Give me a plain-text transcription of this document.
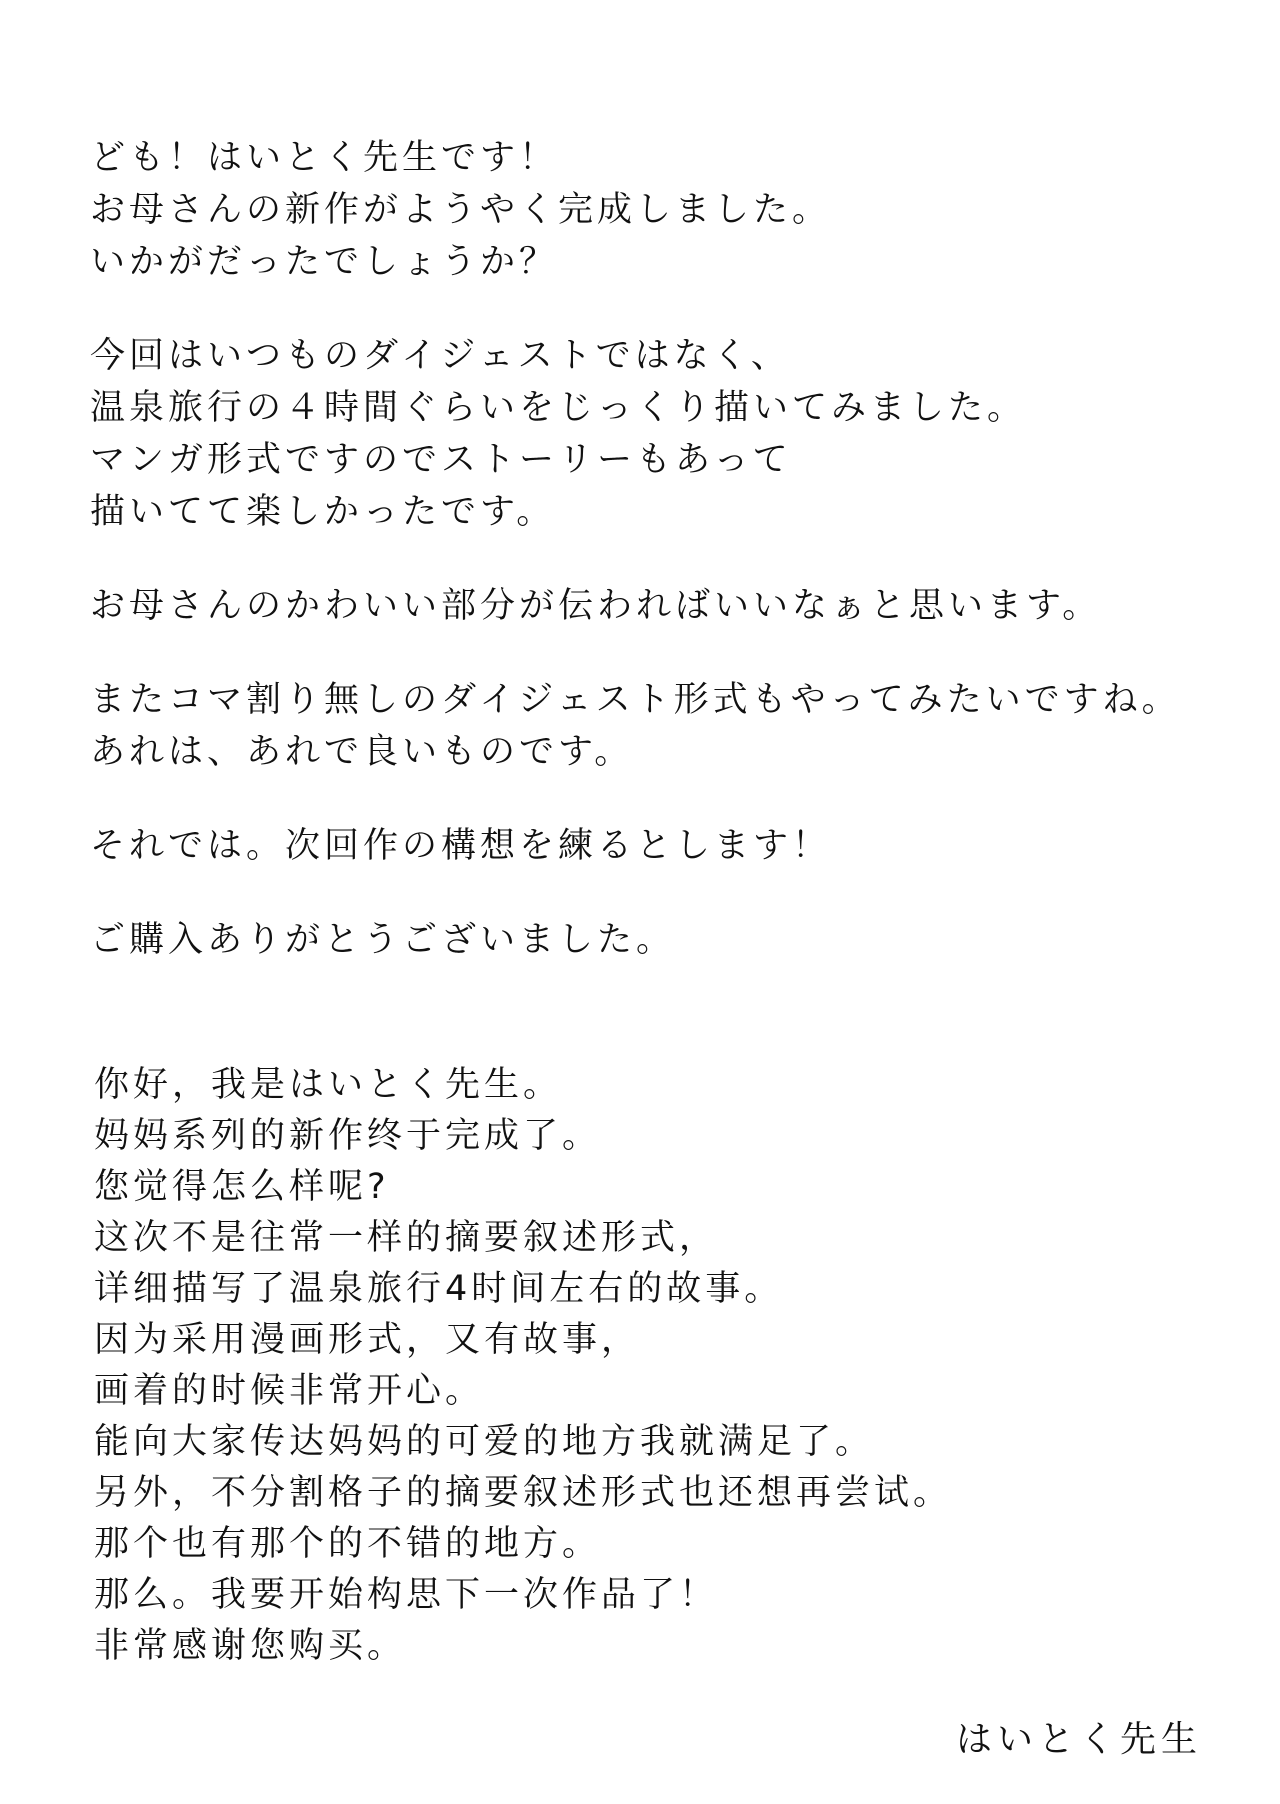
ども！はいとく先生です！
お母さんの新作がようやく完成しました。
いかがだったでしょうか？
今回はいつものダイジェストではなく、
温泉旅行の４時間ぐらいをじっくり描いてみました。
マンガ形式ですのでストーリーもあって
描いてて楽しかったです。
お母さんのかわいい部分が伝わればいいなぁと思います。
またコマ割り無しのダイジェスト形式もやってみたいですね。
あれは、あれで良いものです。
それでは。次回作の構想を練るとします！
ご購入ありがとうございました。
你好，我是はいとく先生。
妈妈系列的新作终于完成了。
您觉得怎么样呢?
这次不是往常一样的摘要叙述形式，
详细描写了温泉旅行4时间左右的故事。
因为采用漫画形式，又有故事，
画着的时候非常开心。
能向大家传达妈妈的可爱的地方我就满足了。
另外，不分割格子的摘要叙述形式也还想再尝试。
那个也有那个的不错的地方。
那么。我要开始构思下一次作品了！
非常感谢您购买。
はいとく先生
